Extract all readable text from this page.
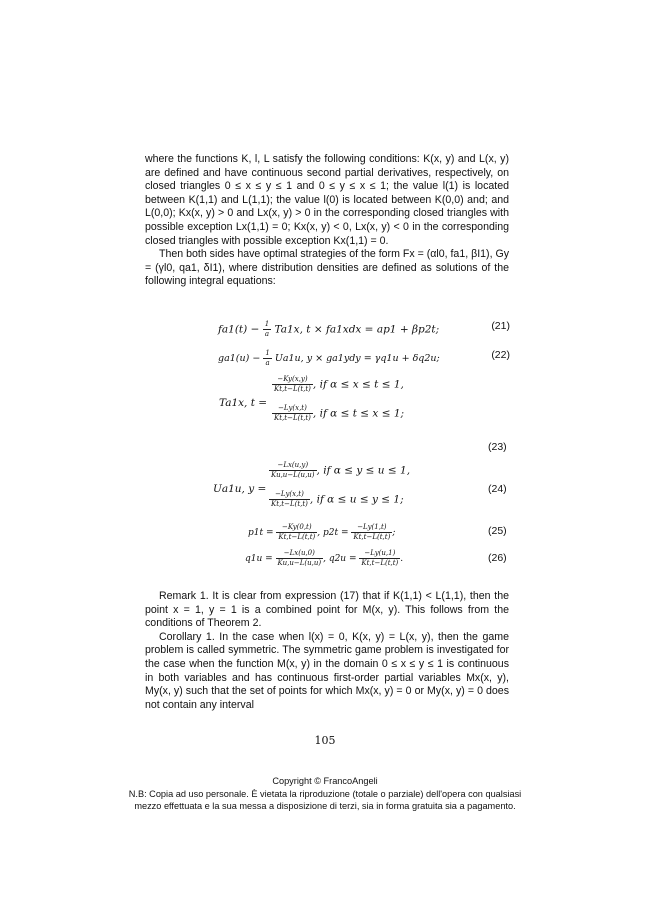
where the functions K, l, L satisfy the following conditions: K(x, y) and L(x, y) are defined and have continuous second partial derivatives, respectively, on closed triangles 0 ≤ x ≤ y ≤ 1 and 0 ≤ y ≤ x ≤ 1; the value l(1) is located between K(1,1) and L(1,1); the value l(0) is located between K(0,0) and; and L(0,0); Kx(x, y) > 0 and Lx(x, y) > 0 in the corresponding closed triangles with possible exception Lx(1,1) = 0; Kx(x, y) < 0, Lx(x, y) < 0 in the corresponding closed triangles with possible exception Kx(1,1) = 0.

Then both sides have optimal strategies of the form Fx = (αl0, fa1, βI1), Gy = (γl0, qa1, δI1), where distribution densities are defined as solutions of the following integral equations:

$fa1(t) - \frac{1}{a} Ta1x$, t × fa1xdx = ap1 + βp2t;	(21)
$ga1(u) - \frac{1}{a} Ua1u$, y × ga1ydy = γq1u + δq2u;	(22)
Ta1x, t =
$\frac{-Ky(x,y)}{Kt,t-L(t,t)}$ , if α ≤ x ≤ t ≤ 1,
$\frac{-Ly(x,t)}{Kt,t-L(t,t)}$ , if α ≤ t ≤ x ≤ 1;
(23)
Ua1u, y =
$\frac{-Lx(u,y)}{Ku,u-L(u,u)}$ , if α ≤ y ≤ u ≤ 1,
$\frac{-Ly(x,t)}{Kt,t-L(t,t)}$ , if α ≤ u ≤ y ≤ 1;
(24)
$p1t = \frac{-Ky(0,t)}{Kt,t-L(t,t)}$ , $p2t = \frac{-Ly(1,t)}{Kt,t-L(t,t)}$ ;	(25)
$q1u = \frac{-Lx(u,0)}{Ku,u-L(u,u)}$ , $q2u = \frac{-Ly(u,1)}{Kt,t-L(t,t)}$ .	(26)

Remark 1. It is clear from expression (17) that if K(1,1) < L(1,1), then the point x = 1, y = 1 is a combined point for M(x, y). This follows from the conditions of Theorem 2.

Corollary 1. In the case when l(x) = 0, K(x, y) = L(x, y), then the game problem is called symmetric. The symmetric game problem is investigated for the case when the function M(x, y) in the domain 0 ≤ x ≤ y ≤ 1 is continuous in both variables and has continuous first-order partial variables Mx(x, y), My(x, y) such that the set of points for which Mx(x, y) = 0 or My(x, y) = 0 does not contain any interval

105
Copyright © FrancoAngeli
N.B: Copia ad uso personale. È vietata la riproduzione (totale o parziale) dell'opera con qualsiasi
mezzo effettuata e la sua messa a disposizione di terzi, sia in forma gratuita sia a pagamento.
